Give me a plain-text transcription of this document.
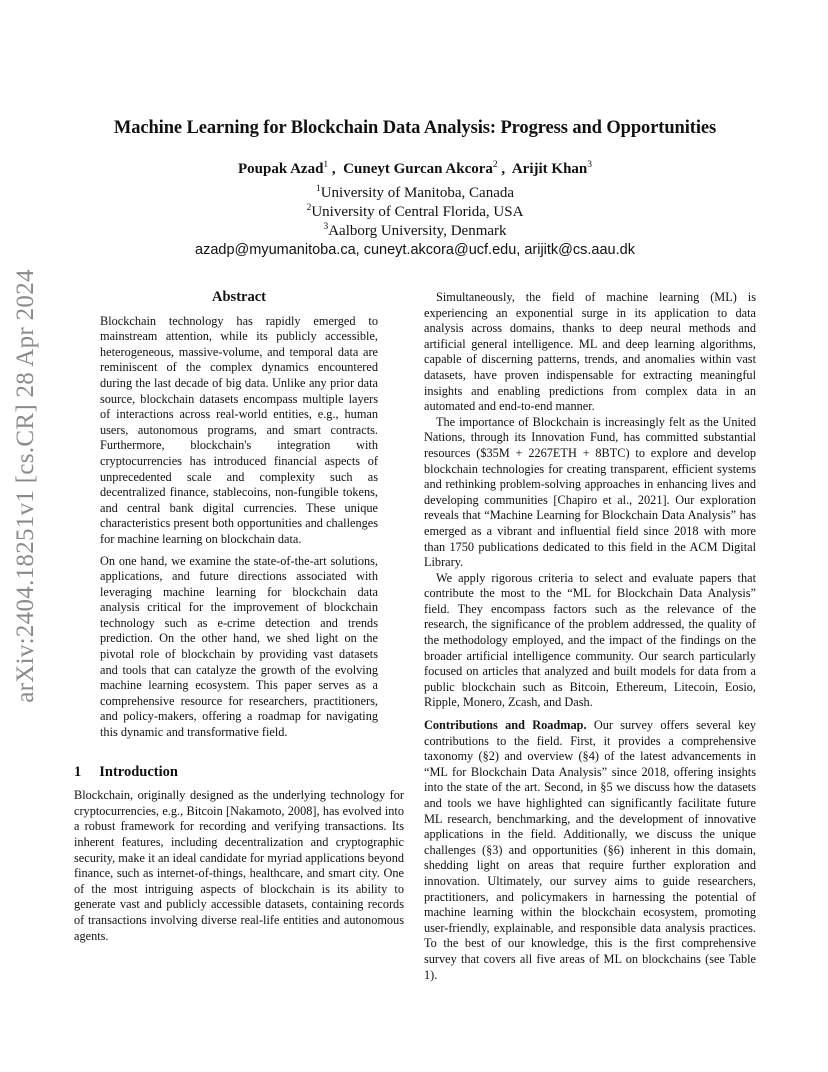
arXiv:2404.18251v1 [cs.CR] 28 Apr 2024
Machine Learning for Blockchain Data Analysis: Progress and Opportunities
Poupak Azad$^1$ ,  Cuneyt Gurcan Akcora$^2$ ,  Arijit Khan$^3$
$^1$University of Manitoba, Canada
$^2$University of Central Florida, USA
$^3$Aalborg University, Denmark
azadp@myumanitoba.ca, cuneyt.akcora@ucf.edu, arijitk@cs.aau.dk
Abstract

Blockchain technology has rapidly emerged to mainstream attention, while its publicly accessible, heterogeneous, massive-volume, and temporal data are reminiscent of the complex dynamics encountered during the last decade of big data. Unlike any prior data source, blockchain datasets encompass multiple layers of interactions across real-world entities, e.g., human users, autonomous programs, and smart contracts. Furthermore, blockchain's integration with cryptocurrencies has introduced financial aspects of unprecedented scale and complexity such as decentralized finance, stablecoins, non-fungible tokens, and central bank digital currencies. These unique characteristics present both opportunities and challenges for machine learning on blockchain data.

On one hand, we examine the state-of-the-art solutions, applications, and future directions associated with leveraging machine learning for blockchain data analysis critical for the improvement of blockchain technology such as e-crime detection and trends prediction. On the other hand, we shed light on the pivotal role of blockchain by providing vast datasets and tools that can catalyze the growth of the evolving machine learning ecosystem. This paper serves as a comprehensive resource for researchers, practitioners, and policy-makers, offering a roadmap for navigating this dynamic and transformative field.

1 Introduction

Blockchain, originally designed as the underlying technology for cryptocurrencies, e.g., Bitcoin [Nakamoto, 2008], has evolved into a robust framework for recording and verifying transactions. Its inherent features, including decentralization and cryptographic security, make it an ideal candidate for myriad applications beyond finance, such as internet-of-things, healthcare, and smart city. One of the most intriguing aspects of blockchain is its ability to generate vast and publicly accessible datasets, containing records of transactions involving diverse real-life entities and autonomous agents.

Simultaneously, the field of machine learning (ML) is experiencing an exponential surge in its application to data analysis across domains, thanks to deep neural methods and artificial general intelligence. ML and deep learning algorithms, capable of discerning patterns, trends, and anomalies within vast datasets, have proven indispensable for extracting meaningful insights and enabling predictions from complex data in an automated and end-to-end manner.

The importance of Blockchain is increasingly felt as the United Nations, through its Innovation Fund, has committed substantial resources ($35M + 2267ETH + 8BTC) to explore and develop blockchain technologies for creating transparent, efficient systems and rethinking problem-solving approaches in enhancing lives and developing communities [Chapiro et al., 2021]. Our exploration reveals that “Machine Learning for Blockchain Data Analysis” has emerged as a vibrant and influential field since 2018 with more than 1750 publications dedicated to this field in the ACM Digital Library.

We apply rigorous criteria to select and evaluate papers that contribute the most to the “ML for Blockchain Data Analysis” field. They encompass factors such as the relevance of the research, the significance of the problem addressed, the quality of the methodology employed, and the impact of the findings on the broader artificial intelligence community. Our search particularly focused on articles that analyzed and built models for data from a public blockchain such as Bitcoin, Ethereum, Litecoin, Eosio, Ripple, Monero, Zcash, and Dash.

Contributions and Roadmap. Our survey offers several key contributions to the field. First, it provides a comprehensive taxonomy (§2) and overview (§4) of the latest advancements in “ML for Blockchain Data Analysis” since 2018, offering insights into the state of the art. Second, in §5 we discuss how the datasets and tools we have highlighted can significantly facilitate future ML research, benchmarking, and the development of innovative applications in the field. Additionally, we discuss the unique challenges (§3) and opportunities (§6) inherent in this domain, shedding light on areas that require further exploration and innovation. Ultimately, our survey aims to guide researchers, practitioners, and policymakers in harnessing the potential of machine learning within the blockchain ecosystem, promoting user-friendly, explainable, and responsible data analysis practices. To the best of our knowledge, this is the first comprehensive survey that covers all five areas of ML on blockchains (see Table 1).
